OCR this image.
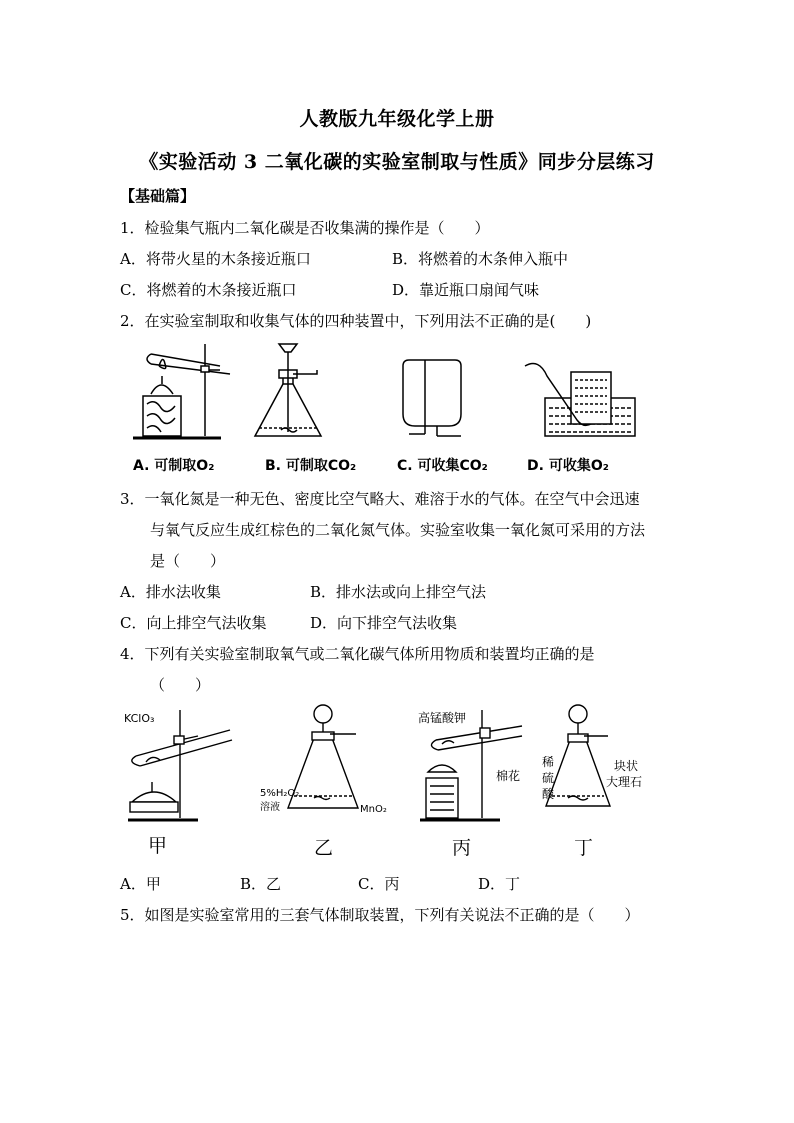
人教版九年级化学上册
《实验活动 3 二氧化碳的实验室制取与性质》同步分层练习
【基础篇】
1．检验集气瓶内二氧化碳是否收集满的操作是（　　）
A．将带火星的木条接近瓶口	B．将燃着的木条伸入瓶中
C．将燃着的木条接近瓶口	D．靠近瓶口扇闻气味
2．在实验室制取和收集气体的四种装置中，下列用法不正确的是(　　)
A. 可制取O₂	B. 可制取CO₂	C. 可收集CO₂	D. 可收集O₂
3．一氧化氮是一种无色、密度比空气略大、难溶于水的气体。在空气中会迅速
与氧气反应生成红棕色的二氧化氮气体。实验室收集一氧化氮可采用的方法
是（　　）
A．排水法收集	B．排水法或向上排空气法
C．向上排空气法收集	D．向下排空气法收集
4．下列有关实验室制取氧气或二氧化碳气体所用物质和装置均正确的是
（　　）
KClO₃
5%H₂O₂
溶液	MnO₂
高锰酸钾
棉花
稀
硫
酸
块状
大理石
甲	乙	丙	丁
A．甲	B．乙	C．丙	D．丁
5．如图是实验室常用的三套气体制取装置，下列有关说法不正确的是（　　）
